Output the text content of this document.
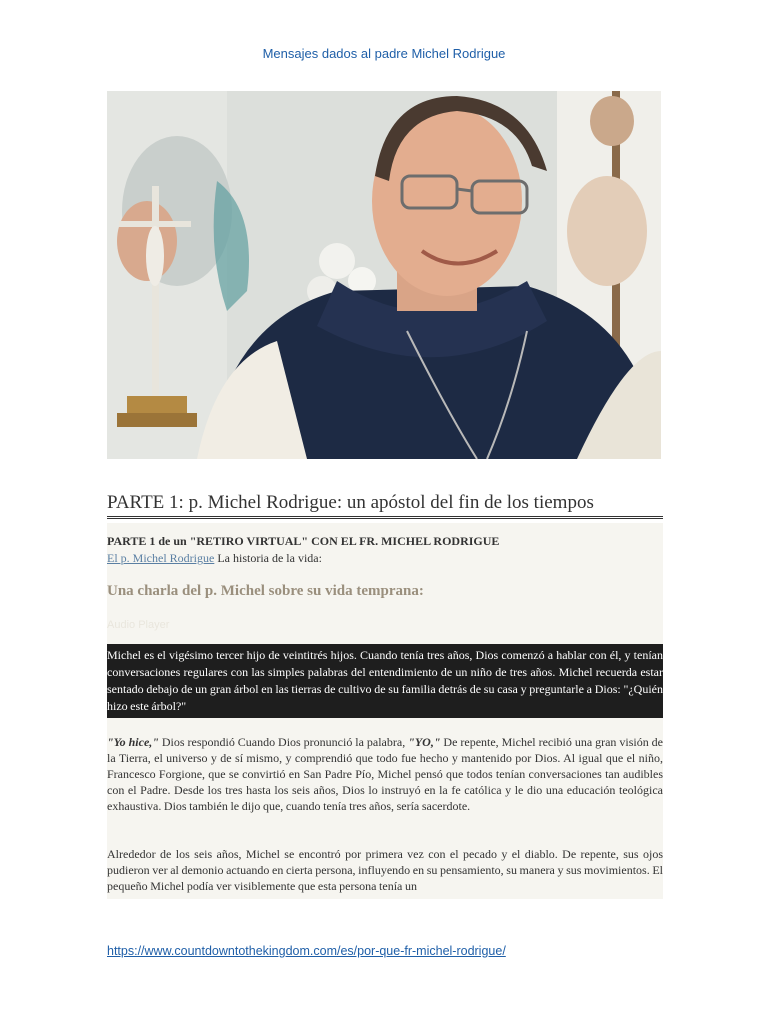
Mensajes dados al padre Michel Rodrigue
PARTE 1: p. Michel Rodrigue: un apóstol del fin de los tiempos
PARTE 1 de un "RETIRO VIRTUAL" CON EL FR. MICHEL RODRIGUE
El p. Michel Rodrigue La historia de la vida:
Una charla del p. Michel sobre su vida temprana:
Audio Player

Michel es el vigésimo tercer hijo de veintitrés hijos. Cuando tenía tres años, Dios comenzó a hablar con él, y tenían conversaciones regulares con las simples palabras del entendimiento de un niño de tres años. Michel recuerda estar sentado debajo de un gran árbol en las tierras de cultivo de su familia detrás de su casa y preguntarle a Dios: "¿Quién hizo este árbol?"

"Yo hice," Dios respondió Cuando Dios pronunció la palabra, "YO," De repente, Michel recibió una gran visión de la Tierra, el universo y de sí mismo, y comprendió que todo fue hecho y mantenido por Dios. Al igual que el niño, Francesco Forgione, que se convirtió en San Padre Pío, Michel pensó que todos tenían conversaciones tan audibles con el Padre. Desde los tres hasta los seis años, Dios lo instruyó en la fe católica y le dio una educación teológica exhaustiva. Dios también le dijo que, cuando tenía tres años, sería sacerdote.

Alrededor de los seis años, Michel se encontró por primera vez con el pecado y el diablo. De repente, sus ojos pudieron ver al demonio actuando en cierta persona, influyendo en su pensamiento, su manera y sus movimientos. El pequeño Michel podía ver visiblemente que esta persona tenía un

https://www.countdowntothekingdom.com/es/por-que-fr-michel-rodrigue/
